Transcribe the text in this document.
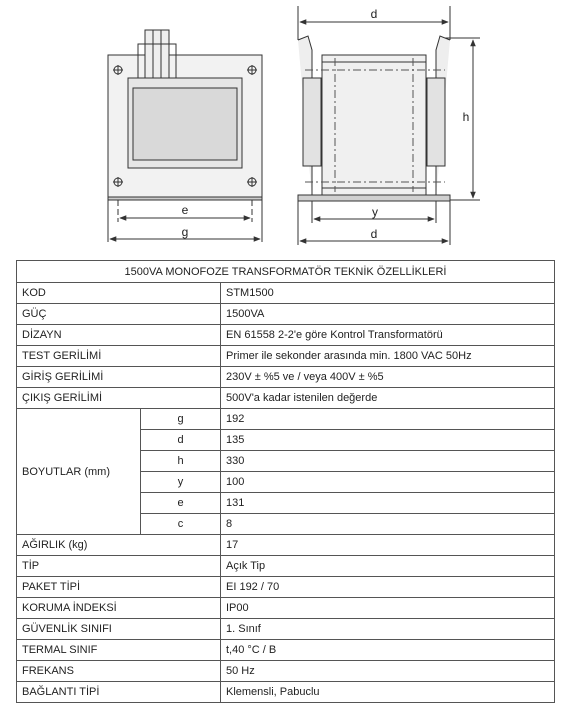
e
g
d
h
y
d
1500VA MONOFOZE TRANSFORMATÖR TEKNİK ÖZELLİKLERİ		
KOD		STM1500
GÜÇ		1500VA
DİZAYN		EN 61558 2-2'e göre Kontrol Transformatörü
TEST GERİLİMİ		Primer ile sekonder arasında min. 1800 VAC 50Hz
GİRİŞ GERİLİMİ		230V ± %5 ve / veya 400V ± %5
ÇIKIŞ GERİLİMİ		500V'a kadar istenilen değerde
BOYUTLAR (mm)	g	192
	d	135
	h	330
	y	100
	e	131
	c	8
AĞIRLIK (kg)		17
TİP		Açık Tip
PAKET TİPİ		EI 192 / 70
KORUMA İNDEKSİ		IP00
GÜVENLİK SINIFI		1. Sınıf
TERMAL SINIF		t,40 °C / B
FREKANS		50 Hz
BAĞLANTI TİPİ		Klemensli, Pabuclu
